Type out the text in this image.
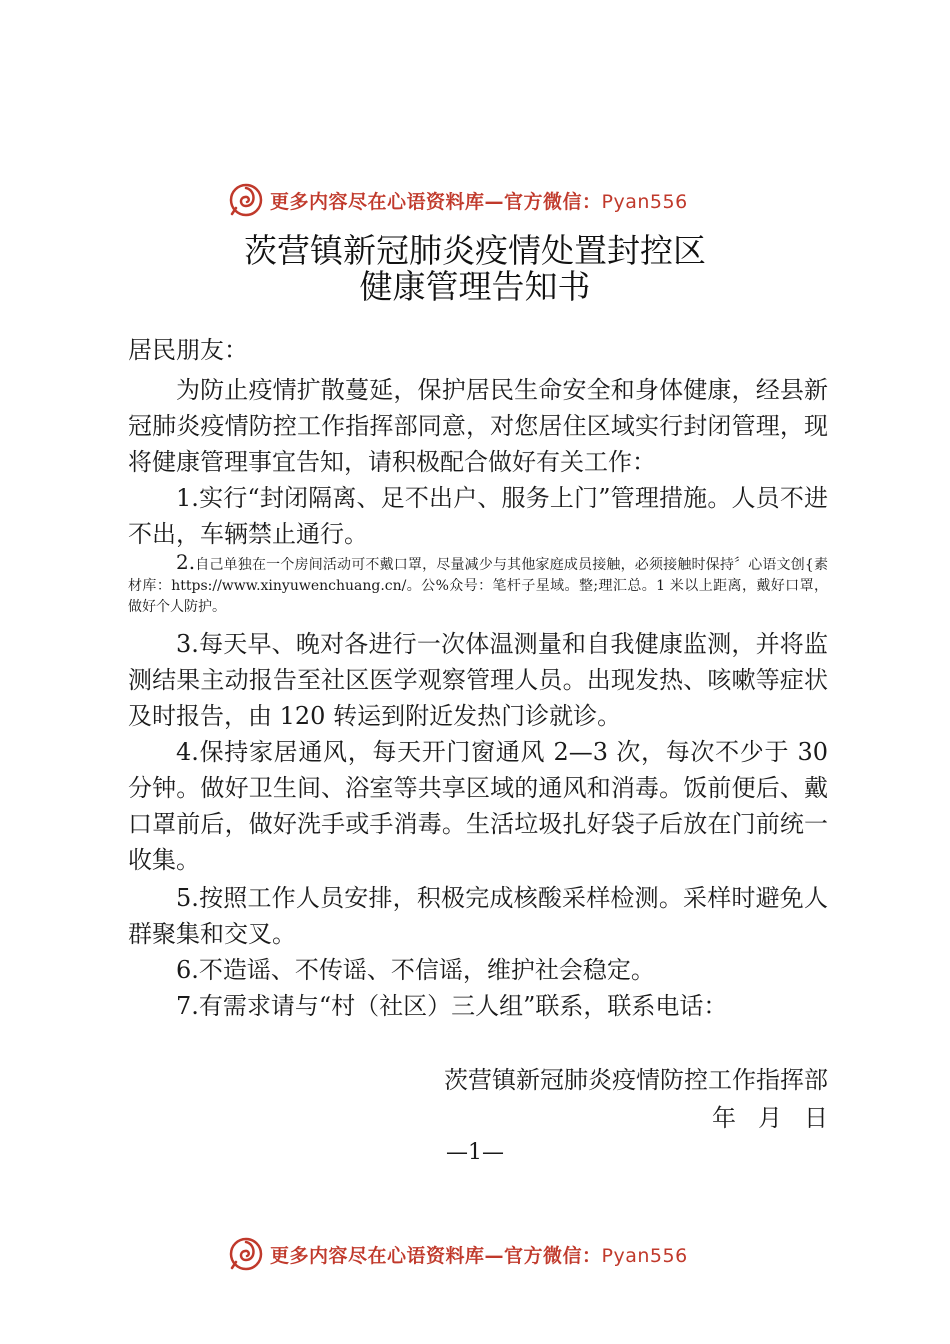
更多内容尽在心语资料库—官方微信：Pyan556
茨营镇新冠肺炎疫情处置封控区
健康管理告知书
居民朋友：

为防止疫情扩散蔓延，保护居民生命安全和身体健康，经县新冠肺炎疫情防控工作指挥部同意，对您居住区域实行封闭管理，现将健康管理事宜告知，请积极配合做好有关工作：

1.实行“封闭隔离、足不出户、服务上门”管理措施。人员不进不出，车辆禁止通行。

2.自己单独在一个房间活动可不戴口罩，尽量减少与其他家庭成员接触，必须接触时保持〞心语文创{素材库：https://www.xinyuwenchuang.cn/。公%众号：笔杆子星域。整;理汇总。1 米以上距离，戴好口罩，做好个人防护。

3.每天早、晚对各进行一次体温测量和自我健康监测，并将监测结果主动报告至社区医学观察管理人员。出现发热、咳嗽等症状及时报告，由 120 转运到附近发热门诊就诊。

4.保持家居通风，每天开门窗通风 2—3 次，每次不少于 30 分钟。做好卫生间、浴室等共享区域的通风和消毒。饭前便后、戴口罩前后，做好洗手或手消毒。生活垃圾扎好袋子后放在门前统一收集。

5.按照工作人员安排，积极完成核酸采样检测。采样时避免人群聚集和交叉。

6.不造谣、不传谣、不信谣，维护社会稳定。

7.有需求请与“村（社区）三人组”联系，联系电话：

茨营镇新冠肺炎疫情防控工作指挥部
年 月 日
—1—
更多内容尽在心语资料库—官方微信：Pyan556
